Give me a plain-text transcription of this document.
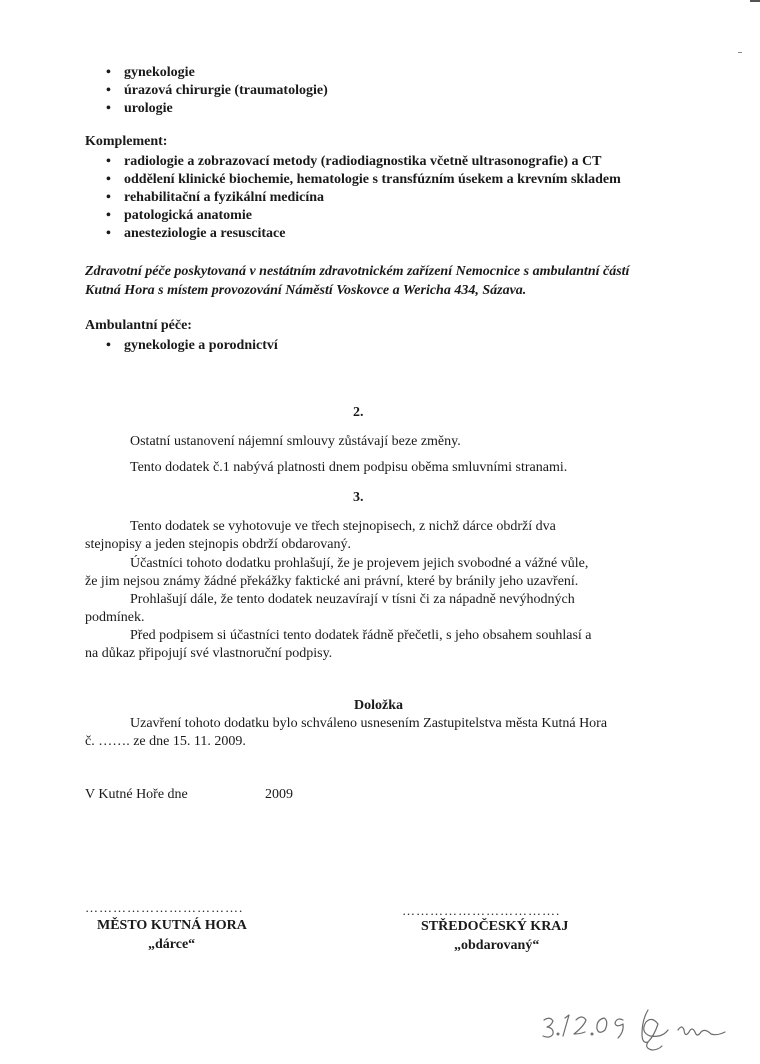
• gynekologie
• úrazová chirurgie (traumatologie)
• urologie
Komplement:
• radiologie a zobrazovací metody (radiodiagnostika včetně ultrasonografie) a CT
• oddělení klinické biochemie, hematologie s transfúzním úsekem a krevním skladem
• rehabilitační a fyzikální medicína
• patologická anatomie
• anesteziologie a resuscitace
Zdravotní péče poskytovaná v nestátním zdravotnickém zařízení Nemocnice s ambulantní částí
Kutná Hora s místem provozování Náměstí Voskovce a Wericha 434, Sázava.
Ambulantní péče:
• gynekologie a porodnictví
2.
Ostatní ustanovení nájemní smlouvy zůstávají beze změny.
Tento dodatek č.1 nabývá platnosti dnem podpisu oběma smluvními stranami.
3.
Tento dodatek se vyhotovuje ve třech stejnopisech, z nichž dárce obdrží dva
stejnopisy a jeden stejnopis obdrží obdarovaný.
Účastníci tohoto dodatku prohlašují, že je projevem jejich svobodné a vážné vůle,
že jim nejsou známy žádné překážky faktické ani právní, které by bránily jeho uzavření.
Prohlašují dále, že tento dodatek neuzavírají v tísni či za nápadně nevýhodných
podmínek.
Před podpisem si účastníci tento dodatek řádně přečetli, s jeho obsahem souhlasí a
na důkaz připojují své vlastnoruční podpisy.
Doložka
Uzavření tohoto dodatku bylo schváleno usnesením Zastupitelstva města Kutná Hora
č. ……. ze dne 15. 11. 2009.
V Kutné Hoře dne	2009
…………………………….
MĚSTO KUTNÁ HORA
„dárce“
…………………………….
STŘEDOČESKÝ KRAJ
„obdarovaný“
